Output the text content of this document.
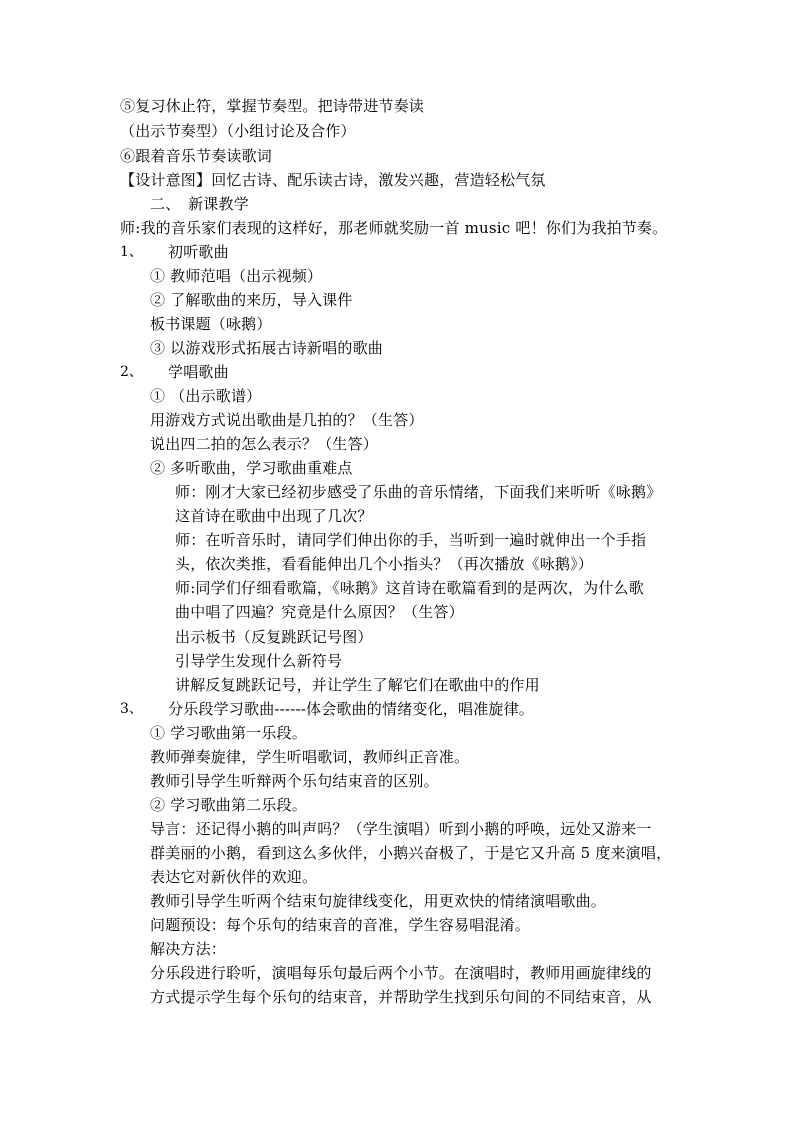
⑤复习休止符，掌握节奏型。把诗带进节奏读
（出示节奏型）（小组讨论及合作）
⑥跟着音乐节奏读歌词
【设计意图】回忆古诗、配乐读古诗，激发兴趣，营造轻松气氛
二、　新课教学
师:我的音乐家们表现的这样好，那老师就奖励一首 music 吧！你们为我拍节奏。
1、 初听歌曲
① 教师范唱（出示视频）
② 了解歌曲的来历，导入课件
板书课题（咏鹅）
③ 以游戏形式拓展古诗新唱的歌曲
2、 学唱歌曲
① （出示歌谱）
用游戏方式说出歌曲是几拍的？（生答）
说出四二拍的怎么表示？（生答）
② 多听歌曲，学习歌曲重难点
师：刚才大家已经初步感受了乐曲的音乐情绪，下面我们来听听《咏鹅》
这首诗在歌曲中出现了几次？
师：在听音乐时，请同学们伸出你的手，当听到一遍时就伸出一个手指
头，依次类推，看看能伸出几个小指头？（再次播放《咏鹅》）
师:同学们仔细看歌篇，《咏鹅》这首诗在歌篇看到的是两次，为什么歌
曲中唱了四遍？究竟是什么原因？（生答）
出示板书（反复跳跃记号图）
引导学生发现什么新符号
讲解反复跳跃记号，并让学生了解它们在歌曲中的作用
3、 分乐段学习歌曲------体会歌曲的情绪变化，唱准旋律。
① 学习歌曲第一乐段。
教师弹奏旋律，学生听唱歌词，教师纠正音准。
教师引导学生听辩两个乐句结束音的区别。
② 学习歌曲第二乐段。
导言：还记得小鹅的叫声吗？（学生演唱）听到小鹅的呼唤，远处又游来一
群美丽的小鹅，看到这么多伙伴，小鹅兴奋极了，于是它又升高 5 度来演唱，
表达它对新伙伴的欢迎。
教师引导学生听两个结束句旋律线变化，用更欢快的情绪演唱歌曲。
问题预设：每个乐句的结束音的音准，学生容易唱混淆。
解决方法：
分乐段进行聆听，演唱每乐句最后两个小节。在演唱时，教师用画旋律线的
方式提示学生每个乐句的结束音，并帮助学生找到乐句间的不同结束音，从
